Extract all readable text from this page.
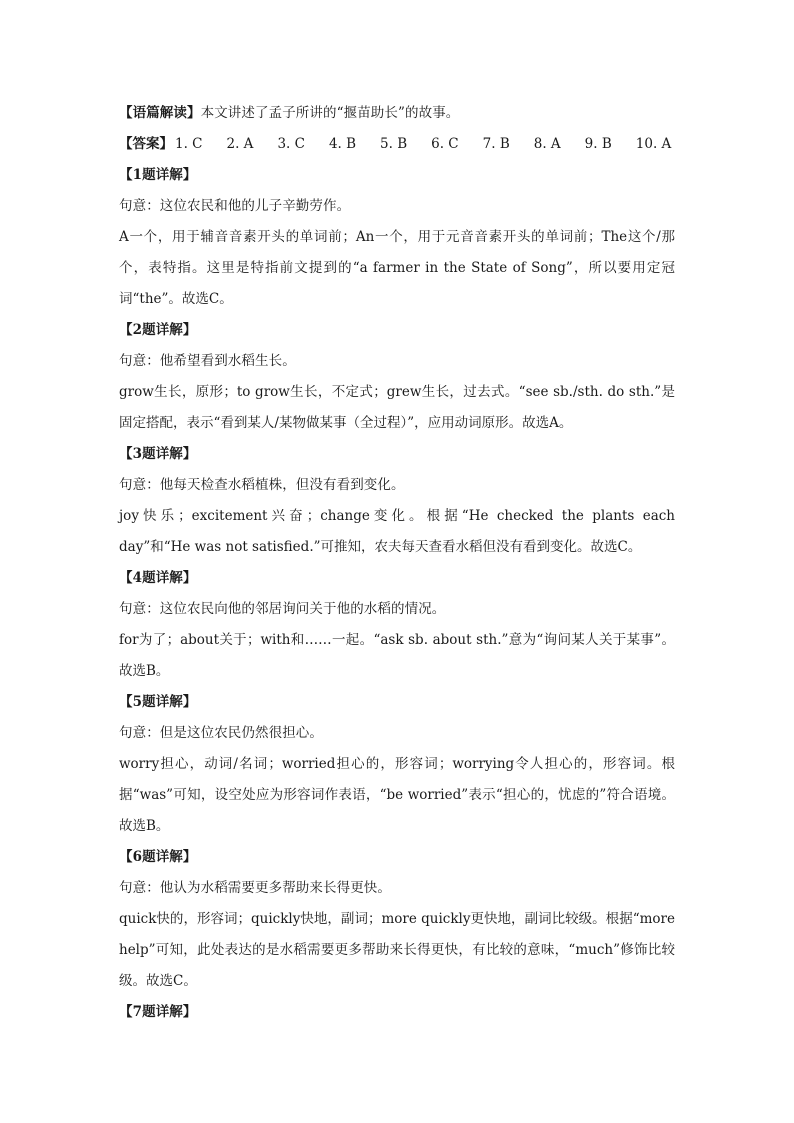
【语篇解读】本文讲述了孟子所讲的“揠苗助长”的故事。
【答案】 1. C 2. A 3. C 4. B 5. B 6. C 7. B 8. A 9. B 10. A
【1题详解】
句意：这位农民和他的儿子辛勤劳作。
A一个，用于辅音音素开头的单词前；An一个，用于元音音素开头的单词前；The这个/那个，表特指。这里是特指前文提到的“a farmer in the State of Song”，所以要用定冠词“the”。故选C。
【2题详解】
句意：他希望看到水稻生长。
grow生长，原形；to grow生长，不定式；grew生长，过去式。“see sb./sth. do sth.”是固定搭配，表示“看到某人/某物做某事（全过程）”，应用动词原形。故选A。
【3题详解】
句意：他每天检查水稻植株，但没有看到变化。
joy快乐；excitement兴奋；change变化。根据“He checked the plants each day”和“He was not satisfied.”可推知，农夫每天查看水稻但没有看到变化。故选C。
【4题详解】
句意：这位农民向他的邻居询问关于他的水稻的情况。
for为了；about关于；with和……一起。“ask sb. about sth.”意为“询问某人关于某事”。故选B。
【5题详解】
句意：但是这位农民仍然很担心。
worry担心，动词/名词；worried担心的，形容词；worrying令人担心的，形容词。根据“was”可知，设空处应为形容词作表语，“be worried”表示“担心的，忧虑的”符合语境。故选B。
【6题详解】
句意：他认为水稻需要更多帮助来长得更快。
quick快的，形容词；quickly快地，副词；more quickly更快地，副词比较级。根据“more help”可知，此处表达的是水稻需要更多帮助来长得更快，有比较的意味，“much”修饰比较级。故选C。
【7题详解】
